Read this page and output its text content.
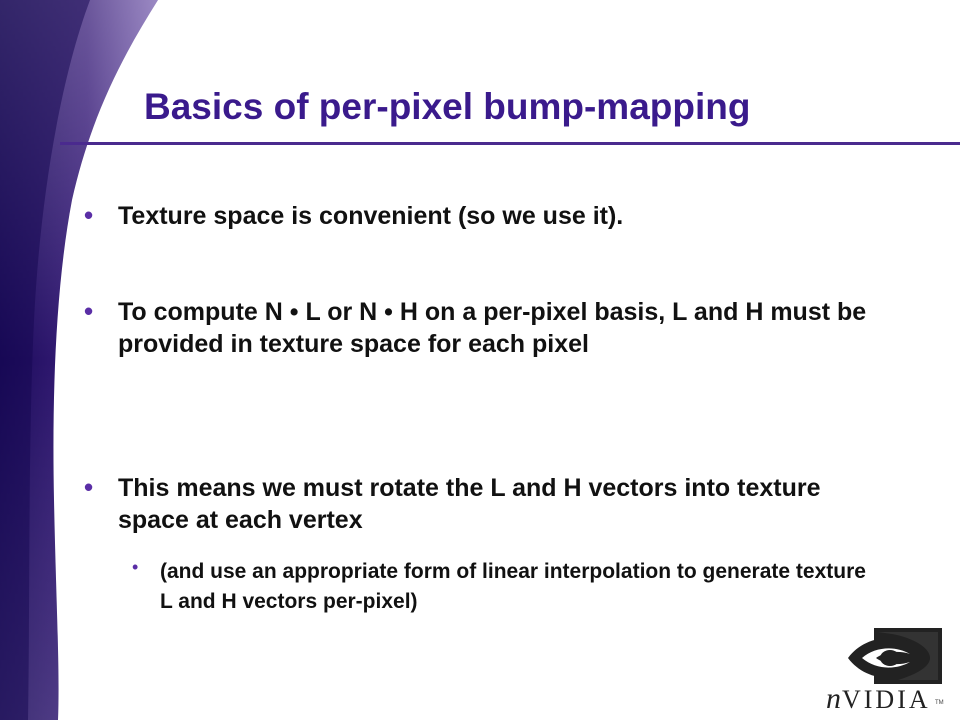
Basics of per-pixel bump-mapping
• Texture space is convenient (so we use it).
• To compute N • L or N • H on a per-pixel basis, L and H must be provided in texture space for each pixel
• This means we must rotate the L and H vectors into texture space at each vertex
• (and use an appropriate form of linear interpolation to generate texture L and H vectors per-pixel)
nVIDIA TM
